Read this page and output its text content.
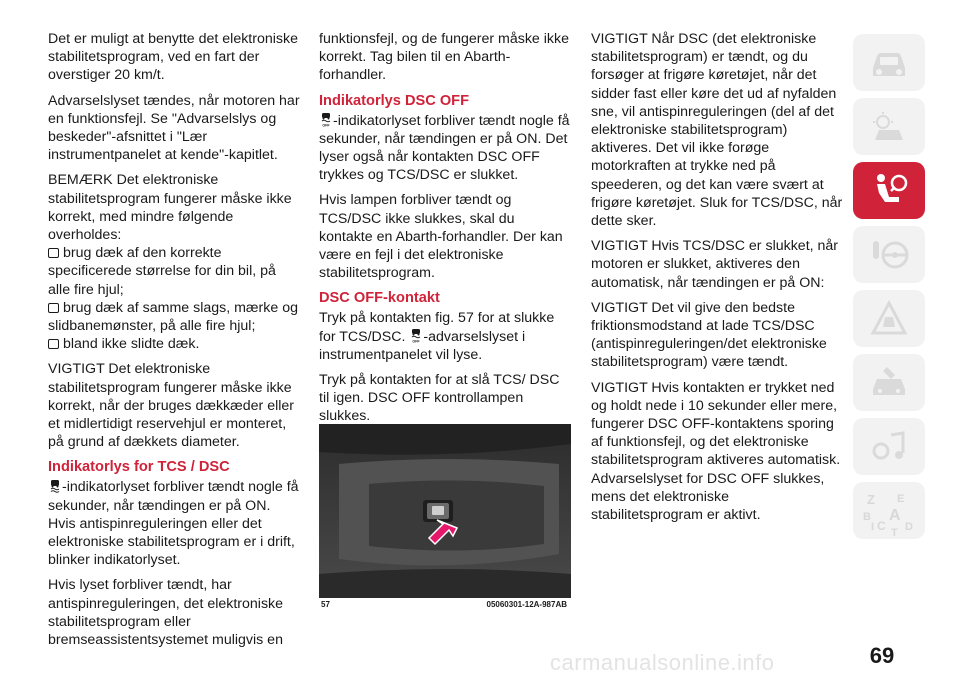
Det er muligt at benytte det elektroniske stabilitetsprogram, ved en fart der overstiger 20 km/t.

Advarselslyset tændes, når motoren har en funktionsfejl. Se "Advarselslys og beskeder"-afsnittet i "Lær instrumentpanelet at kende"-kapitlet.

BEMÆRK Det elektroniske stabilitetsprogram fungerer måske ikke korrekt, med mindre følgende overholdes:

brug dæk af den korrekte specificerede størrelse for din bil, på alle fire hjul;
brug dæk af samme slags, mærke og slidbanemønster, på alle fire hjul;
bland ikke slidte dæk.

VIGTIGT Det elektroniske stabilitetsprogram fungerer måske ikke korrekt, når der bruges dækkæder eller et midlertidigt reservehjul er monteret, på grund af dækkets diameter.

Indikatorlys for TCS / DSC

-indikatorlyset forbliver tændt nogle få sekunder, når tændingen er på ON. Hvis antispinreguleringen eller det elektroniske stabilitetsprogram er i drift, blinker indikatorlyset.

Hvis lyset forbliver tændt, har antispinreguleringen, det elektroniske stabilitetsprogram eller bremseassistentsystemet muligvis en

funktionsfejl, og de fungerer måske ikke korrekt. Tag bilen til en Abarth-forhandler.

Indikatorlys DSC OFF

OFF -indikatorlyset forbliver tændt nogle få sekunder, når tændingen er på ON. Det lyser også når kontakten DSC OFF trykkes og TCS/DSC er slukket.

Hvis lampen forbliver tændt og TCS/DSC ikke slukkes, skal du kontakte en Abarth-forhandler. Der kan være en fejl i det elektroniske stabilitetsprogram.

DSC OFF-kontakt

Tryk på kontakten fig. 57 for at slukke for TCS/DSC. OFF -advarselslyset i instrumentpanelet vil lyse.

Tryk på kontakten for at slå TCS/ DSC til igen. DSC OFF kontrollampen slukkes.

57	05060301-12A-987AB

VIGTIGT Når DSC (det elektroniske stabilitetsprogram) er tændt, og du forsøger at frigøre køretøjet, når det sidder fast eller køre det ud af nyfalden sne, vil antispinreguleringen (del af det elektroniske stabilitetsprogram) aktiveres. Det vil ikke forøge motorkraften at trykke ned på speederen, og det kan være svært at frigøre køretøjet. Sluk for TCS/DSC, når dette sker.

VIGTIGT Hvis TCS/DSC er slukket, når motoren er slukket, aktiveres den automatisk, når tændingen er på ON:

VIGTIGT Det vil give den bedste friktionsmodstand at lade TCS/DSC (antispinreguleringen/det elektroniske stabilitetsprogram) være tændt.

VIGTIGT Hvis kontakten er trykket ned og holdt nede i 10 sekunder eller mere, fungerer DSC OFF-kontaktens sporing af funktionsfejl, og det elektroniske stabilitetsprogram aktiveres automatisk. Advarselslyset for DSC OFF slukkes, mens det elektroniske stabilitetsprogram er aktivt.

Z E
B A
I C D
T
69
carmanualsonline.info
